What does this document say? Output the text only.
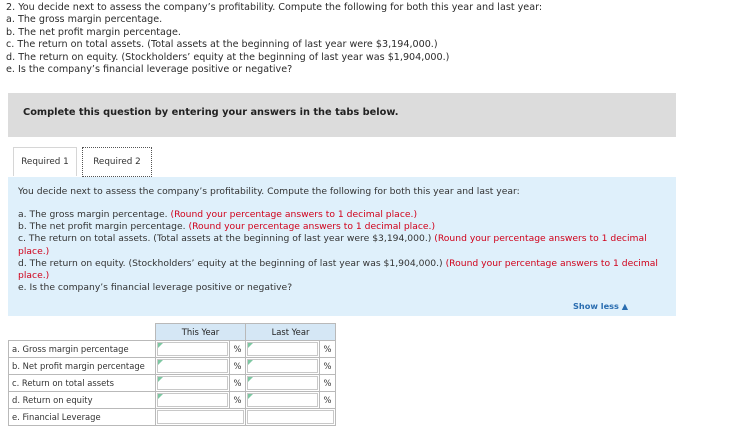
2. You decide next to assess the company’s profitability. Compute the following for both this year and last year:
a. The gross margin percentage.
b. The net profit margin percentage.
c. The return on total assets. (Total assets at the beginning of last year were $3,194,000.)
d. The return on equity. (Stockholders’ equity at the beginning of last year was $1,904,000.)
e. Is the company’s financial leverage positive or negative?
Complete this question by entering your answers in the tabs below.
Required 1	Required 2
You decide next to assess the company’s profitability. Compute the following for both this year and last year:
a. The gross margin percentage. (Round your percentage answers to 1 decimal place.)
b. The net profit margin percentage. (Round your percentage answers to 1 decimal place.)
c. The return on total assets. (Total assets at the beginning of last year were $3,194,000.) (Round your percentage answers to 1 decimal place.)
d. The return on equity. (Stockholders’ equity at the beginning of last year was $1,904,000.) (Round your percentage answers to 1 decimal place.)
e. Is the company’s financial leverage positive or negative?
Show less ▲
	This Year		Last Year	
a. Gross margin percentage		%		%
b. Net profit margin percentage		%		%
c. Return on total assets		%		%
d. Return on equity		%		%
e. Financial Leverage	
